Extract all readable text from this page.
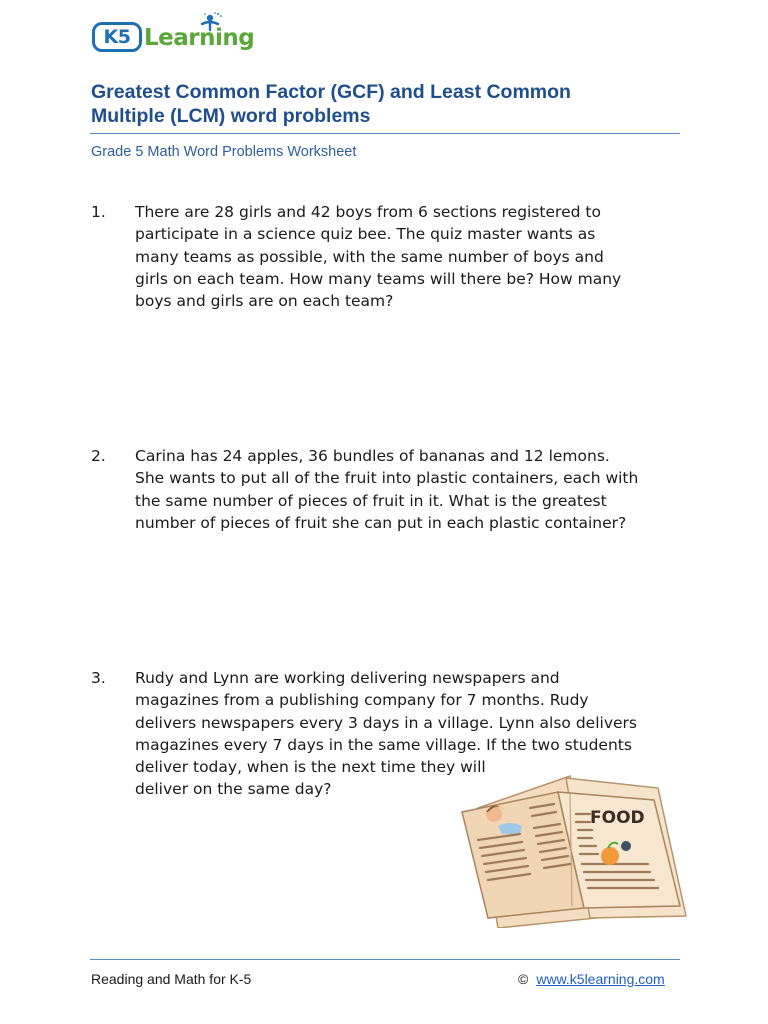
K5 Learning
Greatest Common Factor (GCF) and Least Common
Multiple (LCM) word problems
Grade 5 Math Word Problems Worksheet
1. There are 28 girls and 42 boys from 6 sections registered to
participate in a science quiz bee. The quiz master wants as
many teams as possible, with the same number of boys and
girls on each team. How many teams will there be? How many
boys and girls are on each team?
2. Carina has 24 apples, 36 bundles of bananas and 12 lemons.
She wants to put all of the fruit into plastic containers, each with
the same number of pieces of fruit in it. What is the greatest
number of pieces of fruit she can put in each plastic container?
3. Rudy and Lynn are working delivering newspapers and
magazines from a publishing company for 7 months. Rudy
delivers newspapers every 3 days in a village. Lynn also delivers
magazines every 7 days in the same village. If the two students
deliver today, when is the next time they will
deliver on the same day?
FOOD
Reading and Math for K-5	© www.k5learning.com
